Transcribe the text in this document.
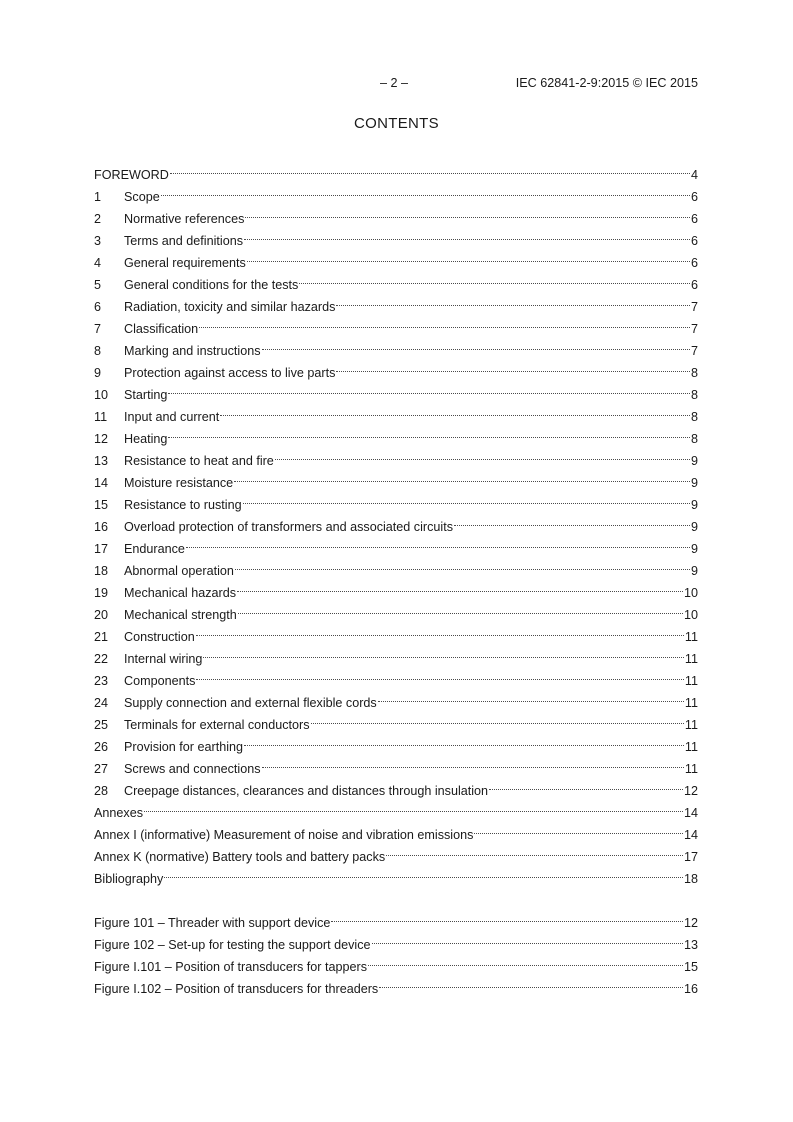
– 2 –	IEC 62841-2-9:2015 © IEC 2015
CONTENTS
FOREWORD	4
1	Scope	6
2	Normative references	6
3	Terms and definitions	6
4	General requirements	6
5	General conditions for the tests	6
6	Radiation, toxicity and similar hazards	7
7	Classification	7
8	Marking and instructions	7
9	Protection against access to live parts	8
10	Starting	8
11	Input and current	8
12	Heating	8
13	Resistance to heat and fire	9
14	Moisture resistance	9
15	Resistance to rusting	9
16	Overload protection of transformers and associated circuits	9
17	Endurance	9
18	Abnormal operation	9
19	Mechanical hazards	10
20	Mechanical strength	10
21	Construction	11
22	Internal wiring	11
23	Components	11
24	Supply connection and external flexible cords	11
25	Terminals for external conductors	11
26	Provision for earthing	11
27	Screws and connections	11
28	Creepage distances, clearances and distances through insulation	12
Annexes	14
Annex I (informative) Measurement of noise and vibration emissions	14
Annex K (normative) Battery tools and battery packs	17
Bibliography	18
Figure 101 – Threader with support device	12
Figure 102 – Set-up for testing the support device	13
Figure I.101 – Position of transducers for tappers	15
Figure I.102 – Position of transducers for threaders	16
